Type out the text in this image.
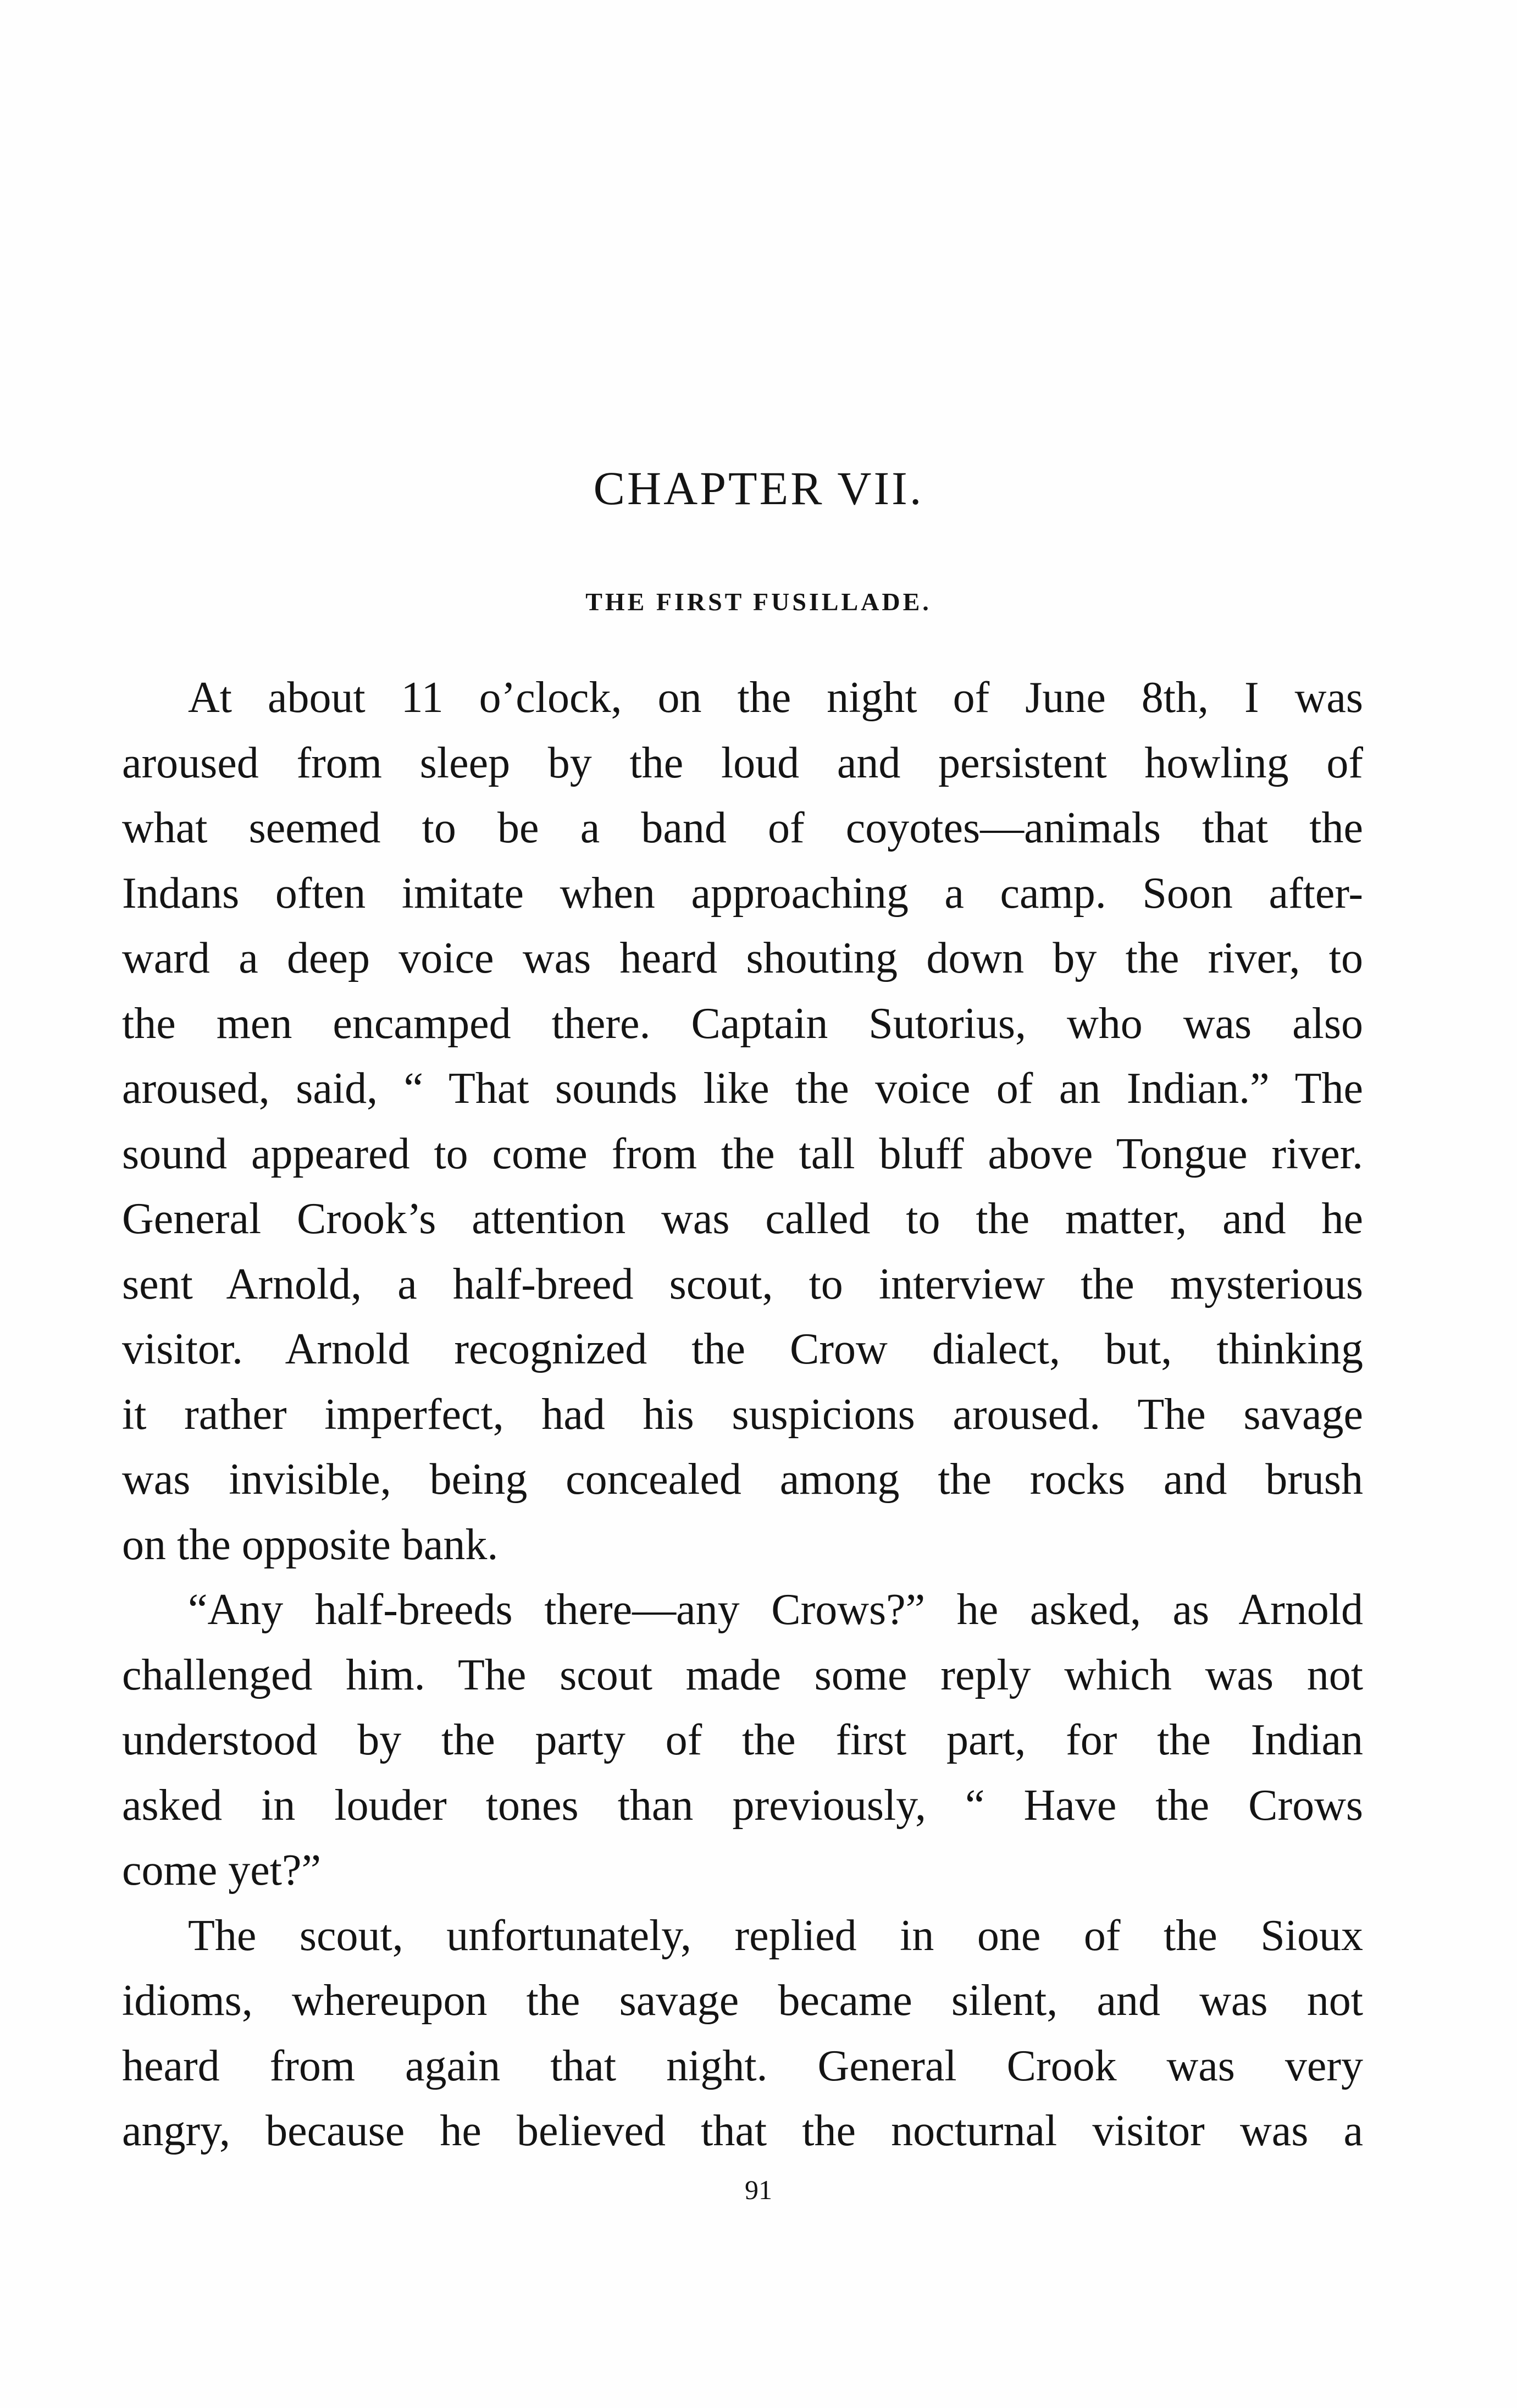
CHAPTER VII.
THE FIRST FUSILLADE.
At about 11 o’clock, on the night of June 8th, I was
aroused from sleep by the loud and persistent howling of
what seemed to be a band of coyotes—animals that the
Indans often imitate when approaching a camp. Soon after-
ward a deep voice was heard shouting down by the river, to
the men encamped there. Captain Sutorius, who was also
aroused, said, “ That sounds like the voice of an Indian.” The
sound appeared to come from the tall bluff above Tongue river.
General Crook’s attention was called to the matter, and he
sent Arnold, a half-breed scout, to interview the mysterious
visitor. Arnold recognized the Crow dialect, but, thinking
it rather imperfect, had his suspicions aroused. The savage
was invisible, being concealed among the rocks and brush
on the opposite bank.
“Any half-breeds there—any Crows?” he asked, as Arnold
challenged him. The scout made some reply which was not
understood by the party of the first part, for the Indian
asked in louder tones than previously, “ Have the Crows
come yet?”
The scout, unfortunately, replied in one of the Sioux
idioms, whereupon the savage became silent, and was not
heard from again that night. General Crook was very
angry, because he believed that the nocturnal visitor was a
91
